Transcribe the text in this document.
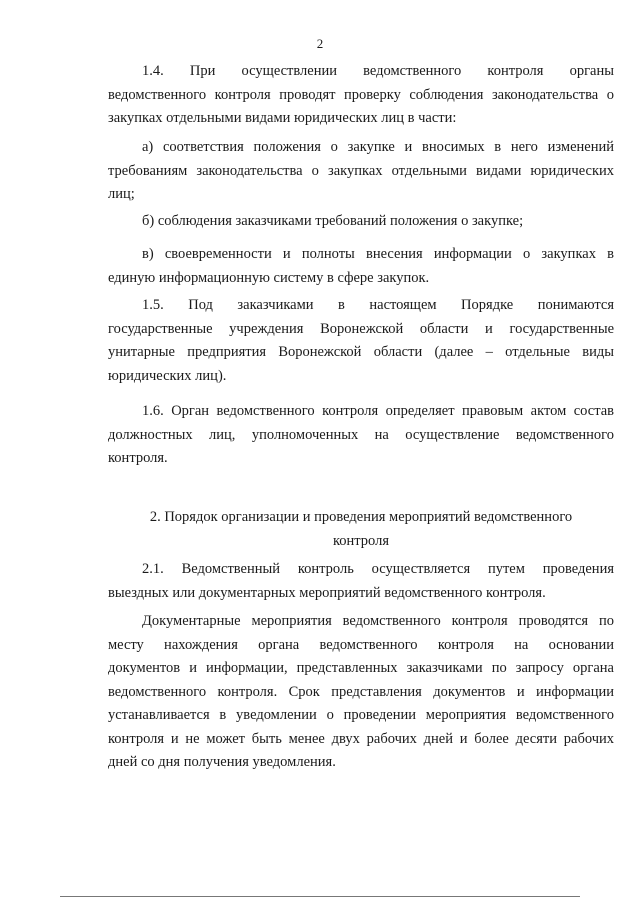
2
1.4. При осуществлении ведомственного контроля органы
ведомственного контроля проводят проверку соблюдения законодательства о
закупках отдельными видами юридических лиц в части:
а) соответствия положения о закупке и вносимых в него изменений
требованиям законодательства о закупках отдельными видами юридических
лиц;
б) соблюдения заказчиками требований положения о закупке;
в) своевременности и полноты внесения информации о закупках в
единую информационную систему в сфере закупок.
1.5. Под заказчиками в настоящем Порядке понимаются
государственные учреждения Воронежской области и государственные
унитарные предприятия Воронежской области (далее – отдельные виды
юридических лиц).
1.6. Орган ведомственного контроля определяет правовым актом состав
должностных лиц, уполномоченных на осуществление ведомственного
контроля.
2. Порядок организации и проведения мероприятий ведомственного
контроля
2.1. Ведомственный контроль осуществляется путем проведения
выездных или документарных мероприятий ведомственного контроля.
Документарные мероприятия ведомственного контроля проводятся по
месту нахождения органа ведомственного контроля на основании
документов и информации, представленных заказчиками по запросу органа
ведомственного контроля. Срок представления документов и информации
устанавливается в уведомлении о проведении мероприятия ведомственного
контроля и не может быть менее двух рабочих дней и более десяти рабочих
дней со дня получения уведомления.
